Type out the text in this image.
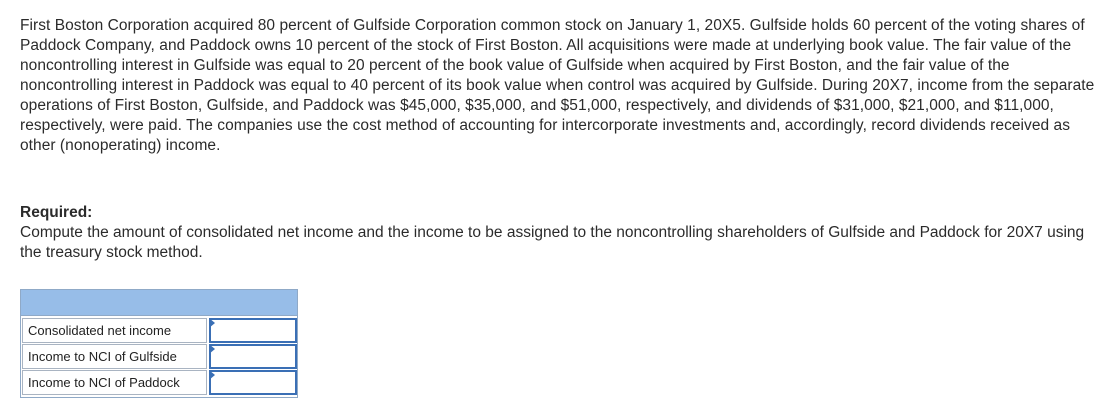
First Boston Corporation acquired 80 percent of Gulfside Corporation common stock on January 1, 20X5. Gulfside holds 60 percent of the voting shares of Paddock Company, and Paddock owns 10 percent of the stock of First Boston. All acquisitions were made at underlying book value. The fair value of the noncontrolling interest in Gulfside was equal to 20 percent of the book value of Gulfside when acquired by First Boston, and the fair value of the noncontrolling interest in Paddock was equal to 40 percent of its book value when control was acquired by Gulfside. During 20X7, income from the separate operations of First Boston, Gulfside, and Paddock was $45,000, $35,000, and $51,000, respectively, and dividends of $31,000, $21,000, and $11,000, respectively, were paid. The companies use the cost method of accounting for intercorporate investments and, accordingly, record dividends received as other (nonoperating) income.

Required:

Compute the amount of consolidated net income and the income to be assigned to the noncontrolling shareholders of Gulfside and Paddock for 20X7 using the treasury stock method.

Consolidated net income
Income to NCI of Gulfside
Income to NCI of Paddock
